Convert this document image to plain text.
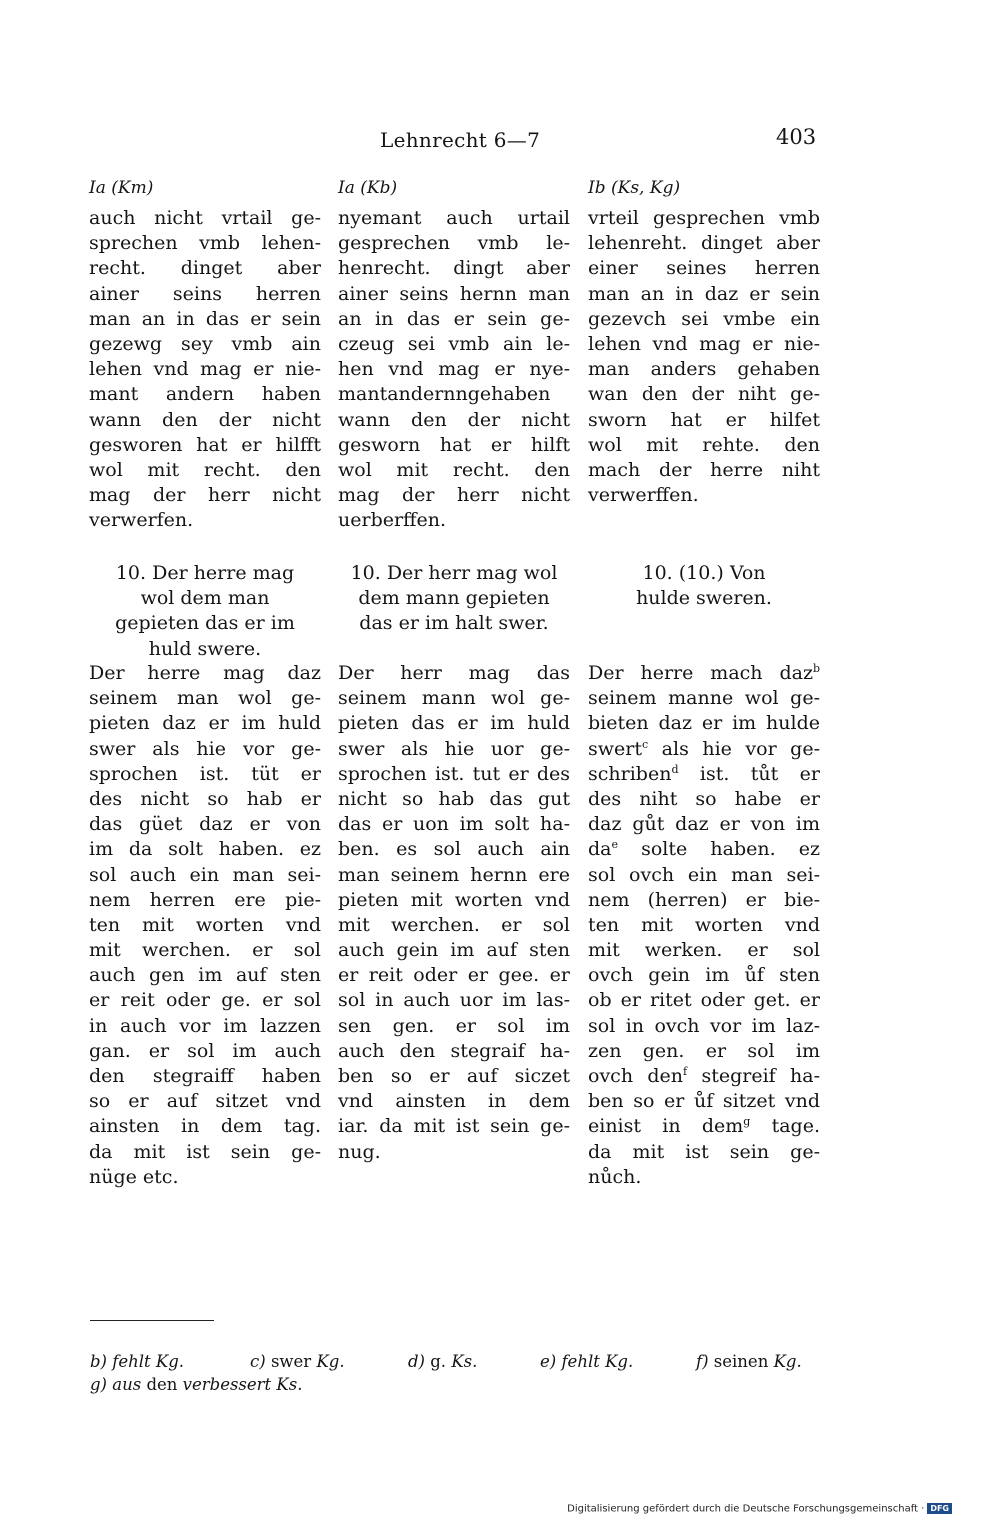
Lehnrecht 6—7	403
Ia (Km)
auch nicht vrtail ge-
sprechen vmb lehen-
recht. dinget aber
ainer seins herren
man an in das er sein
gezewg sey vmb ain
lehen vnd mag er nie-
mant andern haben
wann den der nicht
gesworen hat er hilfft
wol mit recht. den
mag der herr nicht
verwerfen.
10. Der herre mag
wol dem man
gepieten das er im
huld swere.
Der herre mag daz
seinem man wol ge-
pieten daz er im huld
swer als hie vor ge-
sprochen ist. tüt er
des nicht so hab er
das güet daz er von
im da solt haben. ez
sol auch ein man sei-
nem herren ere pie-
ten mit worten vnd
mit werchen. er sol
auch gen im auf sten
er reit oder ge. er sol
in auch vor im lazzen
gan. er sol im auch
den stegraiff haben
so er auf sitzet vnd
ainsten in dem tag.
da mit ist sein ge-
nüge etc.
Ia (Kb)
nyemant auch urtail
gesprechen vmb le-
henrecht. dingt aber
ainer seins hernn man
an in das er sein ge-
czeug sei vmb ain le-
hen vnd mag er nye-
mantandernngehaben
wann den der nicht
gesworn hat er hilft
wol mit recht. den
mag der herr nicht
uerberffen.
10. Der herr mag wol
dem mann gepieten
das er im halt swer.
Der herr mag das
seinem mann wol ge-
pieten das er im huld
swer als hie uor ge-
sprochen ist. tut er des
nicht so hab das gut
das er uon im solt ha-
ben. es sol auch ain
man seinem hernn ere
pieten mit worten vnd
mit werchen. er sol
auch gein im auf sten
er reit oder er gee. er
sol in auch uor im las-
sen gen. er sol im
auch den stegraif ha-
ben so er auf siczet
vnd ainsten in dem
iar. da mit ist sein ge-
nug.
Ib (Ks, Kg)
vrteil gesprechen vmb
lehenreht. dinget aber
einer seines herren
man an in daz er sein
gezevch sei vmbe ein
lehen vnd mag er nie-
man anders gehaben
wan den der niht ge-
sworn hat er hilfet
wol mit rehte. den
mach der herre niht
verwerffen.
10. (10.) Von
hulde sweren.
Der herre mach daz$^b$
seinem manne wol ge-
bieten daz er im hulde
swert$^c$ als hie vor ge-
schriben$^d$ ist. tůt er
des niht so habe er
daz gůt daz er von im
$da^e$ solte haben. ez
sol ovch ein man sei-
nem (herren) er bie-
ten mit worten vnd
mit werken. er sol
ovch gein im ůf sten
ob er ritet oder get. er
sol in ovch vor im laz-
zen gen. er sol im
ovch den$^f$ stegreif ha-
ben so er ůf sitzet vnd
einist in dem$^g$ tage.
da mit ist sein ge-
nůch.
b) fehlt Kg.	c) swer Kg.	d) g. Ks.	e) fehlt Kg.	f) seinen Kg.
g) aus den verbessert Ks.
Digitalisierung gefördert durch die Deutsche Forschungsgemeinschaft · DFG
